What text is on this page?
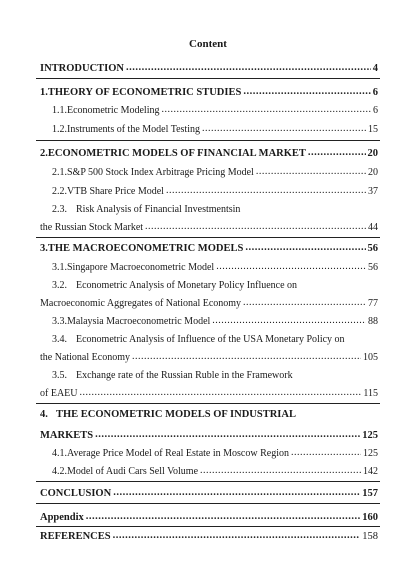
Content
INTRODUCTION .....	4
1. THEORY OF ECONOMETRIC STUDIES .....	6
1.1. Econometric Modeling .....	6
1.2. Instruments of the Model Testing .....	15
2. ECONOMETRIC MODELS OF FINANCIAL MARKET .....	20
2.1. S&P 500 Stock Index Arbitrage Pricing Model .....	20
2.2. VTB Share Price Model .....	37
2.3. Risk Analysis of Financial Investmentsin
the Russian Stock Market .....	44
3. THE MACROECONOMETRIC MODELS .....	56
3.1. Singapore Macroeconometric Model .....	56
3.2. Econometric Analysis of Monetary Policy Influence on
Macroeconomic Aggregates of National Economy .....	77
3.3. Malaysia Macroeconometric Model .....	88
3.4. Econometric Analysis of Influence of the USA Monetary Policy on
the National Economy .....	105
3.5. Exchange rate of the Russian Ruble in the Framework
of EAEU .....	115
4. THE ECONOMETRIC MODELS OF INDUSTRIAL
MARKETS .....	125
4.1. Average Price Model of Real Estate in Moscow Region .....	125
4.2. Model of Audi Cars Sell Volume .....	142
CONCLUSION .....	157
Appendix .....	160
REFERENCES .....	158
